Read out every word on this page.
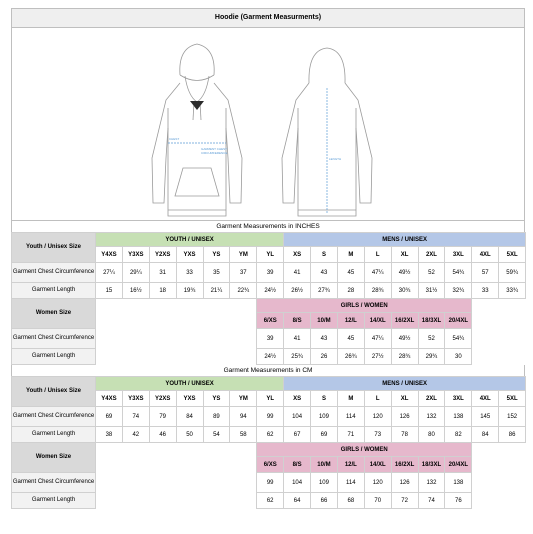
Hoodie (Garment Measurments)
CHEST
GARMENT CHEST
CIRCUMFERENCE
LENGTH
Garment Measurements in INCHES
Youth / Unisex Size	YOUTH / UNISEX							MENS / UNISEX								
	Y4XS	Y3XS	Y2XS	YXS	YS	YM	YL	XS	S	M	L	XL	2XL	3XL	4XL	5XL
Garment Chest Circumference	27¼	29¼	31	33	35	37	39	41	43	45	47¼	49½	52	54¾	57	59¾
Garment Length	15	16½	18	19¾	21¼	22¾	24½	26½	27¾	28	28¾	30¾	31½	32¾	33	33¾
Women Size							GIRLS / WOMEN									
							6/XS	8/S	10/M	12/L	14/XL	16/2XL	18/3XL	20/4XL		
Garment Chest Circumference							39	41	43	45	47¼	49½	52	54¾		
Garment Length							24½	25¾	26	26¾	27½	28¾	29¾	30		
Garment Measurements in CM
Youth / Unisex Size	YOUTH / UNISEX							MENS / UNISEX								
	Y4XS	Y3XS	Y2XS	YXS	YS	YM	YL	XS	S	M	L	XL	2XL	3XL	4XL	5XL
Garment Chest Circumference	69	74	79	84	89	94	99	104	109	114	120	126	132	138	145	152
Garment Length	38	42	46	50	54	58	62	67	69	71	73	78	80	82	84	86
Women Size							GIRLS / WOMEN									
							6/XS	8/S	10/M	12/L	14/XL	16/2XL	18/3XL	20/4XL		
Garment Chest Circumference							99	104	109	114	120	126	132	138		
Garment Length							62	64	66	68	70	72	74	76		
